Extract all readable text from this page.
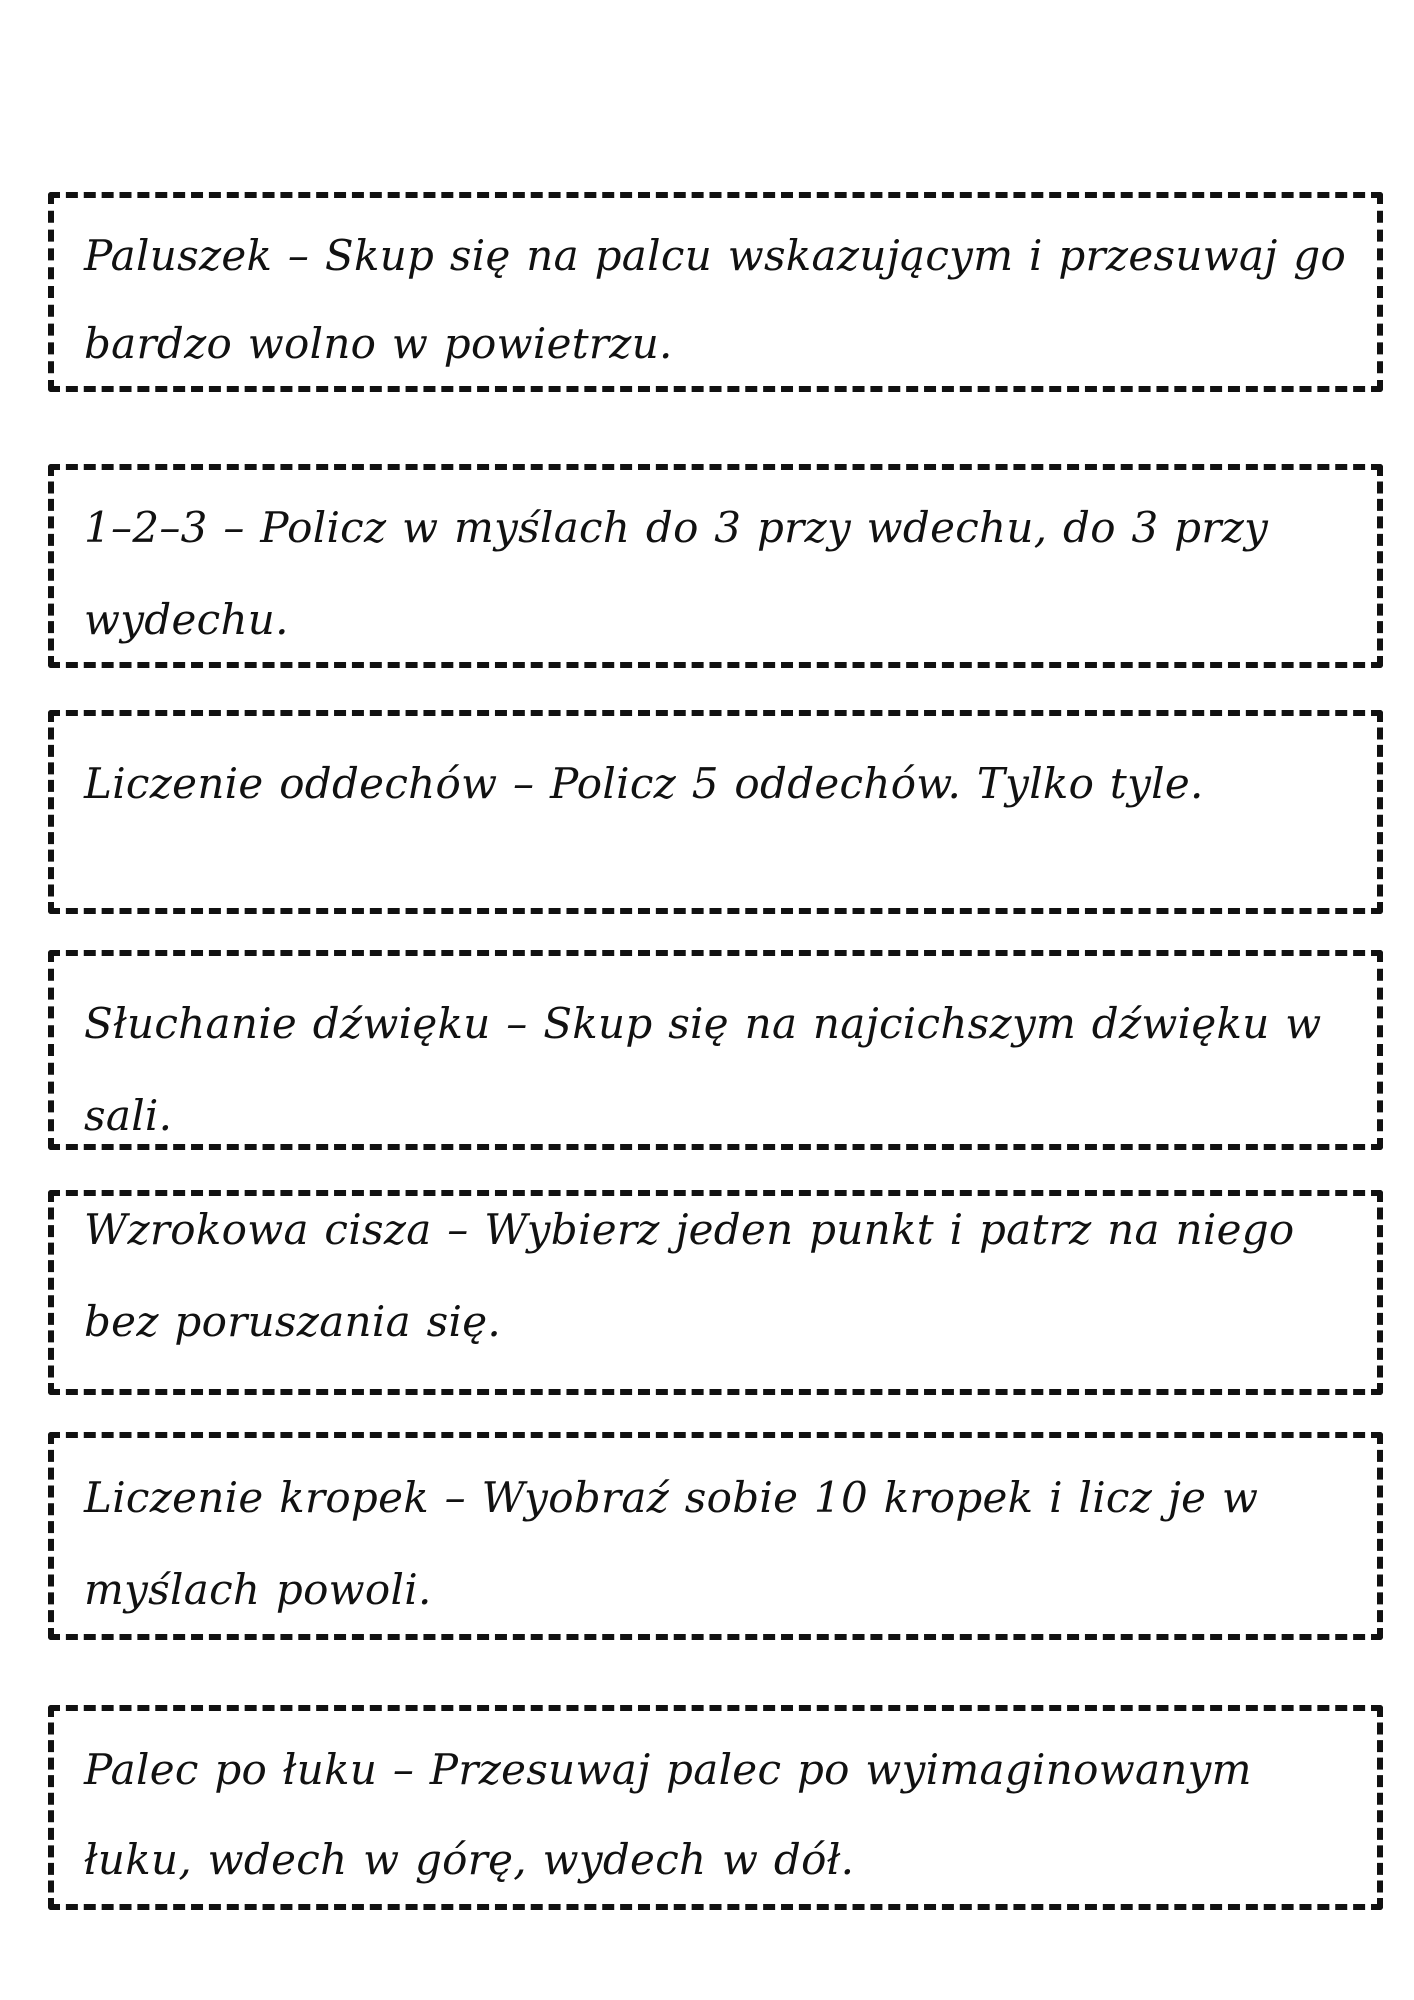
Paluszek – Skup się na palcu wskazującym i przesuwaj go bardzo wolno w powietrzu.

1–2–3 – Policz w myślach do 3 przy wdechu, do 3 przy wydechu.

Liczenie oddechów – Policz 5 oddechów. Tylko tyle.

Słuchanie dźwięku – Skup się na najcichszym dźwięku w sali.

Wzrokowa cisza – Wybierz jeden punkt i patrz na niego bez poruszania się.

Liczenie kropek – Wyobraź sobie 10 kropek i licz je w myślach powoli.

Palec po łuku – Przesuwaj palec po wyimaginowanym łuku, wdech w górę, wydech w dół.
